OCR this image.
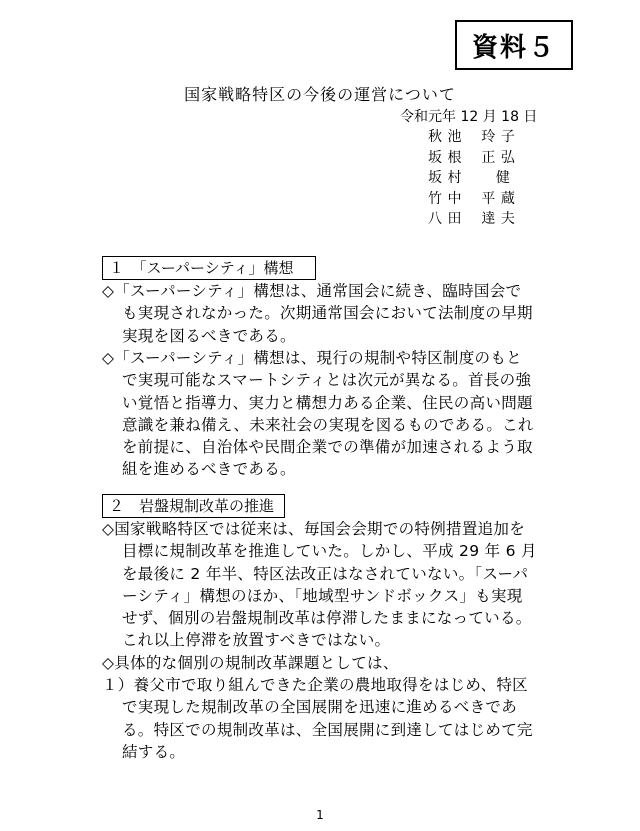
資料５
国家戦略特区の今後の運営について
令和元年 12 月 18 日
秋 池　 玲 子
坂 根　 正 弘
坂 村　　 健
竹 中　 平 蔵
八 田　 達 夫
１　「スーパーシティ」構想
◇「スーパーシティ」構想は、通常国会に続き、臨時国会で
も実現されなかった。次期通常国会において法制度の早期
実現を図るべきである。
◇「スーパーシティ」構想は、現行の規制や特区制度のもと
で実現可能なスマートシティとは次元が異なる。首長の強
い覚悟と指導力、実力と構想力ある企業、住民の高い問題
意識を兼ね備え、未来社会の実現を図るものである。これ
を前提に、自治体や民間企業での準備が加速されるよう取
組を進めるべきである。
２　岩盤規制改革の推進
◇国家戦略特区では従来は、毎国会会期での特例措置追加を
目標に規制改革を推進していた。しかし、平成 29 年 6 月
を最後に 2 年半、特区法改正はなされていない。「スーパ
ーシティ」構想のほか、「地域型サンドボックス」も実現
せず、個別の岩盤規制改革は停滞したままになっている。
これ以上停滞を放置すべきではない。
◇具体的な個別の規制改革課題としては、
１）養父市で取り組んできた企業の農地取得をはじめ、特区
で実現した規制改革の全国展開を迅速に進めるべきであ
る。特区での規制改革は、全国展開に到達してはじめて完
結する。
1
